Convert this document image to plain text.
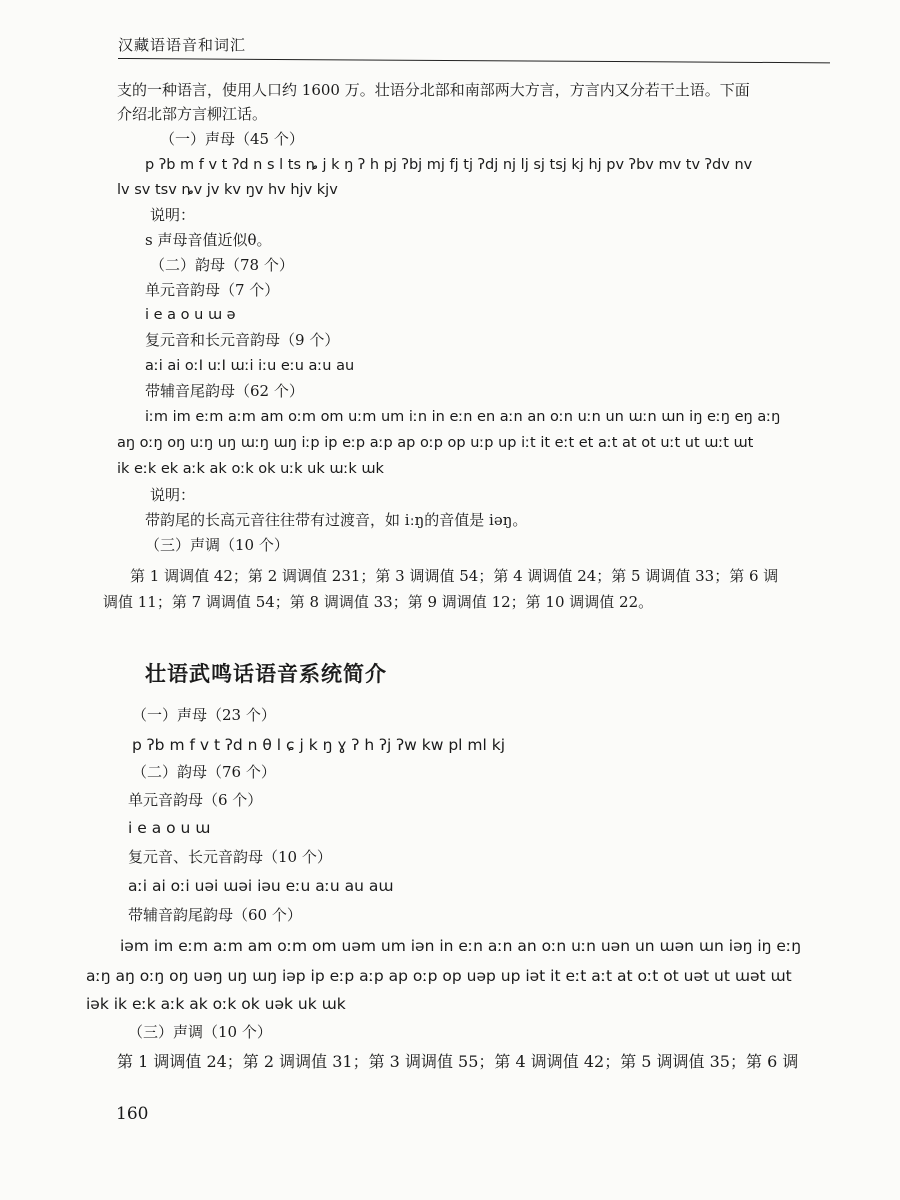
汉藏语语音和词汇
支的一种语言，使用人口约 1600 万。壮语分北部和南部两大方言，方言内又分若干土语。下面
介绍北部方言柳江话。
（一）声母（45 个）
p ʔb m f v t ʔd n s l ts ȵ j k ŋ ʔ h pj ʔbj mj fj tj ʔdj nj lj sj tsj kj hj pv ʔbv mv tv ʔdv nv
lv sv tsv ȵv jv kv ŋv hv hjv kjv
说明：
s 声母音值近似θ。
（二）韵母（78 个）
单元音韵母（7 个）
i e a o u ɯ ə
复元音和长元音韵母（9 个）
aːi ai oːI uːI ɯːi iːu eːu aːu au
带辅音尾韵母（62 个）
iːm im eːm aːm am oːm om uːm um iːn in eːn en aːn an oːn uːn un ɯːn ɯn iŋ eːŋ eŋ aːŋ
aŋ oːŋ oŋ uːŋ uŋ ɯːŋ ɯŋ iːp ip eːp aːp ap oːp op uːp up iːt it eːt et aːt at ot uːt ut ɯːt ɯt
ik eːk ek aːk ak oːk ok uːk uk ɯːk ɯk
说明：
带韵尾的长高元音往往带有过渡音，如 iːŋ的音值是 iəŋ。
（三）声调（10 个）
第 1 调调值 42；第 2 调调值 231；第 3 调调值 54；第 4 调调值 24；第 5 调调值 33；第 6 调
调值 11；第 7 调调值 54；第 8 调调值 33；第 9 调调值 12；第 10 调调值 22。
壮语武鸣话语音系统简介
（一）声母（23 个）
p ʔb m f v t ʔd n θ l ɕ j k ŋ ɣ ʔ h ʔj ʔw kw pl ml kj
（二）韵母（76 个）
单元音韵母（6 个）
i e a o u ɯ
复元音、长元音韵母（10 个）
aːi ai oːi uəi ɯəi iəu eːu aːu au aɯ
带辅音韵尾韵母（60 个）
iəm im eːm aːm am oːm om uəm um iən in eːn aːn an oːn uːn uən un ɯən ɯn iəŋ iŋ eːŋ
aːŋ aŋ oːŋ oŋ uəŋ uŋ ɯŋ iəp ip eːp aːp ap oːp op uəp up iət it eːt aːt at oːt ot uət ut ɯət ɯt
iək ik eːk aːk ak oːk ok uək uk ɯk
（三）声调（10 个）
第 1 调调值 24；第 2 调调值 31；第 3 调调值 55；第 4 调调值 42；第 5 调调值 35；第 6 调
160
